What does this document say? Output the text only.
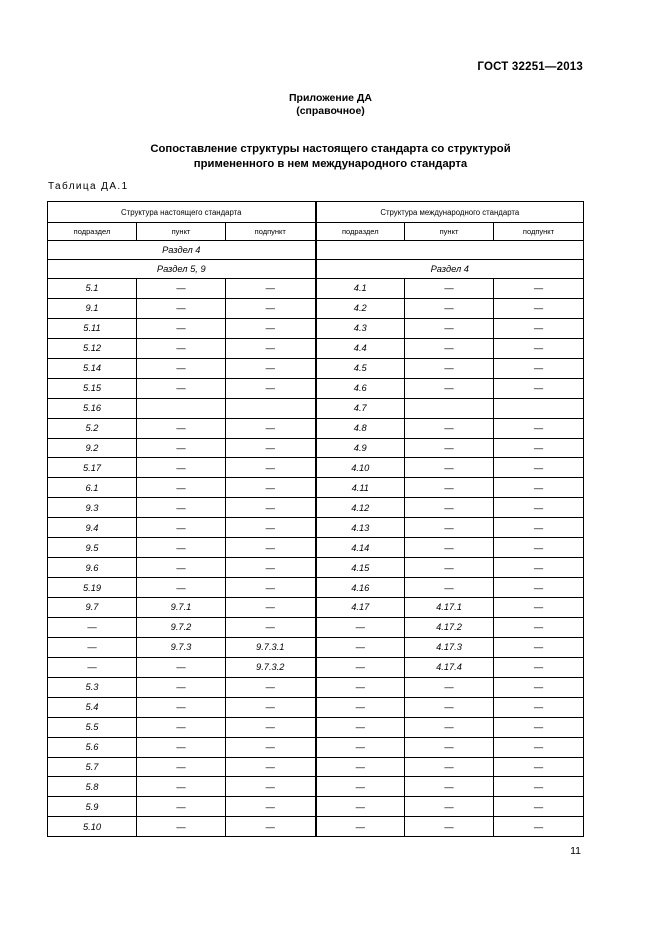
ГОСТ 32251—2013
Приложение ДА
(справочное)
Сопоставление структуры настоящего стандарта со структурой
примененного в нем международного стандарта
Таблица ДА.1
Структура настоящего стандарта			Структура международного стандарта		
подраздел	пункт	подпункт	подраздел	пункт	подпункт
Раздел 4					
Раздел 5, 9			Раздел 4		
5.1	—	—	4.1	—	—
9.1	—	—	4.2	—	—
5.11	—	—	4.3	—	—
5.12	—	—	4.4	—	—
5.14	—	—	4.5	—	—
5.15	—	—	4.6	—	—
5.16			4.7		
5.2	—	—	4.8	—	—
9.2	—	—	4.9	—	—
5.17	—	—	4.10	—	—
6.1	—	—	4.11	—	—
9.3	—	—	4.12	—	—
9.4	—	—	4.13	—	—
9.5	—	—	4.14	—	—
9.6	—	—	4.15	—	—
5.19	—	—	4.16	—	—
9.7	9.7.1	—	4.17	4.17.1	—
—	9.7.2	—	—	4.17.2	—
—	9.7.3	9.7.3.1	—	4.17.3	—
—	—	9.7.3.2	—	4.17.4	—
5.3	—	—	—	—	—
5.4	—	—	—	—	—
5.5	—	—	—	—	—
5.6	—	—	—	—	—
5.7	—	—	—	—	—
5.8	—	—	—	—	—
5.9	—	—	—	—	—
5.10	—	—	—	—	—
11
